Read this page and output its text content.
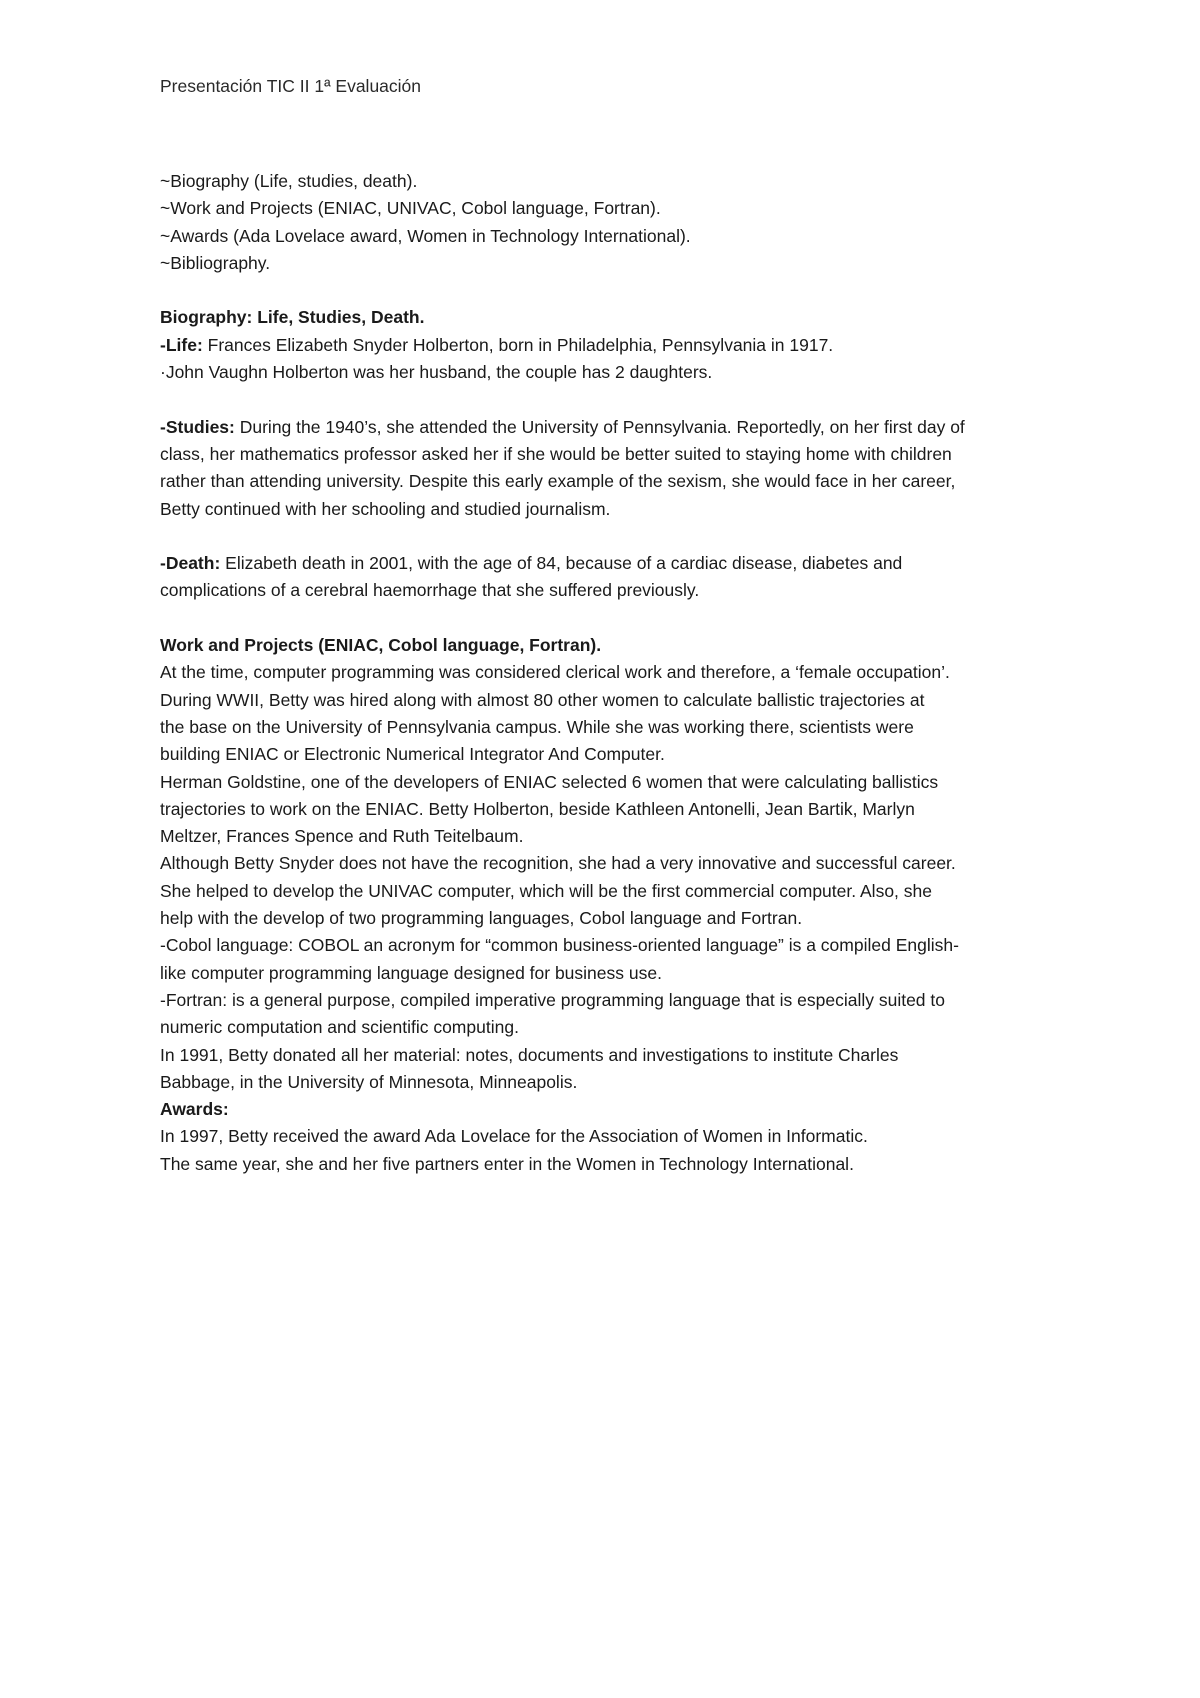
Presentación TIC II 1ª Evaluación
~Biography (Life, studies, death).
~Work and Projects (ENIAC, UNIVAC, Cobol language, Fortran).
~Awards (Ada Lovelace award, Women in Technology International).
~Bibliography.
Biography: Life, Studies, Death.
-Life: Frances Elizabeth Snyder Holberton, born in Philadelphia, Pennsylvania in 1917.
·John Vaughn Holberton was her husband, the couple has 2 daughters.
-Studies: During the 1940’s, she attended the University of Pennsylvania. Reportedly, on her first day of
class, her mathematics professor asked her if she would be better suited to staying home with children
rather than attending university. Despite this early example of the sexism, she would face in her career,
Betty continued with her schooling and studied journalism.
-Death: Elizabeth death in 2001, with the age of 84, because of a cardiac disease, diabetes and
complications of a cerebral haemorrhage that she suffered previously.
Work and Projects (ENIAC, Cobol language, Fortran).
At the time, computer programming was considered clerical work and therefore, a ‘female occupation’.
During WWII, Betty was hired along with almost 80 other women to calculate ballistic trajectories at
the base on the University of Pennsylvania campus. While she was working there, scientists were
building ENIAC or Electronic Numerical Integrator And Computer.
Herman Goldstine, one of the developers of ENIAC selected 6 women that were calculating ballistics
trajectories to work on the ENIAC. Betty Holberton, beside Kathleen Antonelli, Jean Bartik, Marlyn
Meltzer, Frances Spence and Ruth Teitelbaum.
Although Betty Snyder does not have the recognition, she had a very innovative and successful career.
She helped to develop the UNIVAC computer, which will be the first commercial computer. Also, she
help with the develop of two programming languages, Cobol language and Fortran.
-Cobol language: COBOL an acronym for “common business-oriented language” is a compiled English-
like computer programming language designed for business use.
-Fortran: is a general purpose, compiled imperative programming language that is especially suited to
numeric computation and scientific computing.
In 1991, Betty donated all her material: notes, documents and investigations to institute Charles
Babbage, in the University of Minnesota, Minneapolis.
Awards:
In 1997, Betty received the award Ada Lovelace for the Association of Women in Informatic.
The same year, she and her five partners enter in the Women in Technology International.
